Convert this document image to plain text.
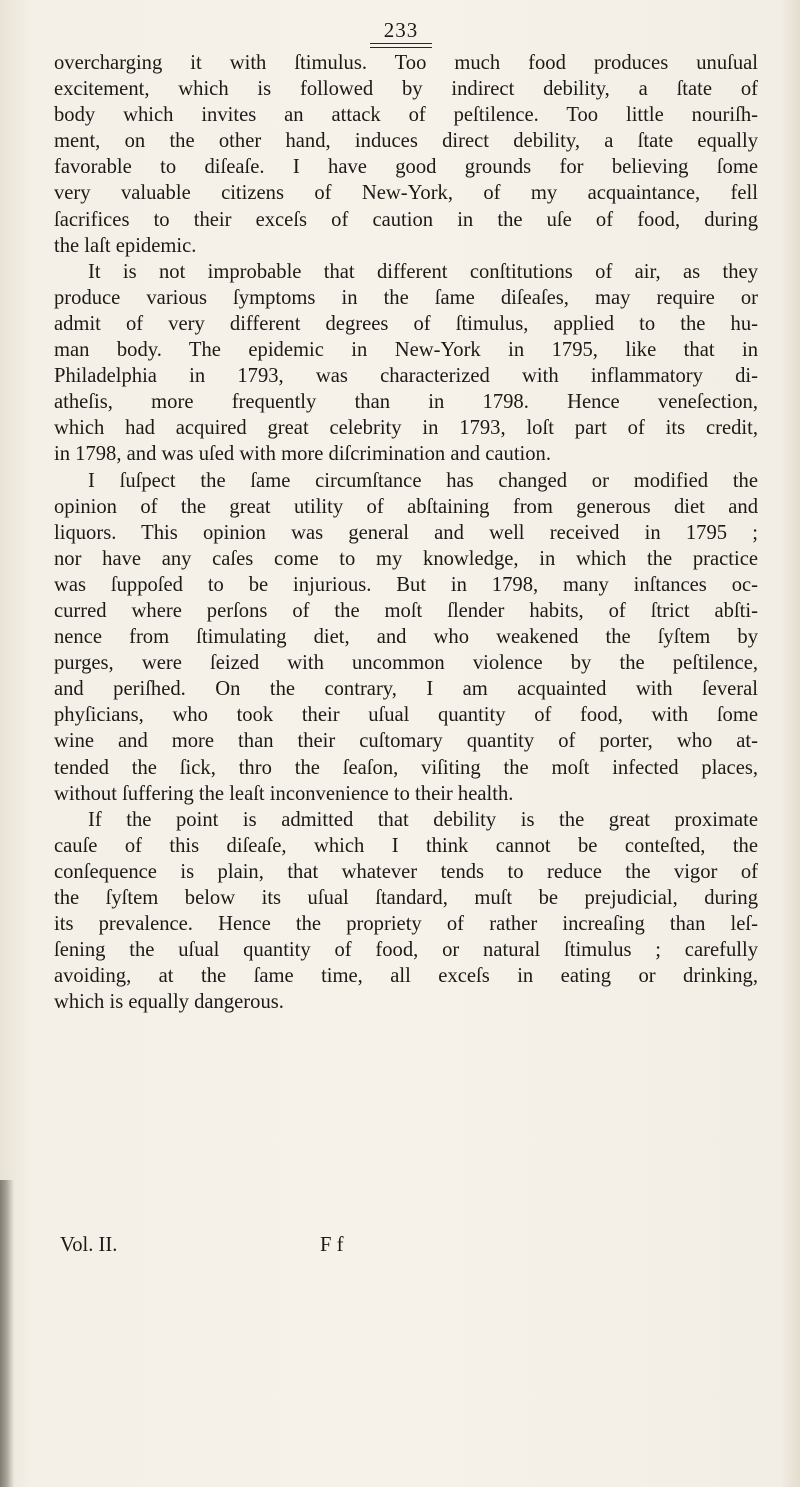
233
overcharging it with ſtimulus. Too much food produces unuſual
excitement, which is followed by indirect debility, a ſtate of
body which invites an attack of peſtilence. Too little nouriſh-
ment, on the other hand, induces direct debility, a ſtate equally
favorable to diſeaſe. I have good grounds for believing ſome
very valuable citizens of New-York, of my acquaintance, fell
ſacrifices to their exceſs of caution in the uſe of food, during
the laſt epidemic.
It is not improbable that different conſtitutions of air, as they
produce various ſymptoms in the ſame diſeaſes, may require or
admit of very different degrees of ſtimulus, applied to the hu-
man body. The epidemic in New-York in 1795, like that in
Philadelphia in 1793, was characterized with inflammatory di-
atheſis, more frequently than in 1798. Hence veneſection,
which had acquired great celebrity in 1793, loſt part of its credit,
in 1798, and was uſed with more diſcrimination and caution.
I ſuſpect the ſame circumſtance has changed or modified the
opinion of the great utility of abſtaining from generous diet and
liquors. This opinion was general and well received in 1795 ;
nor have any caſes come to my knowledge, in which the practice
was ſuppoſed to be injurious. But in 1798, many inſtances oc-
curred where perſons of the moſt ſlender habits, of ſtrict abſti-
nence from ſtimulating diet, and who weakened the ſyſtem by
purges, were ſeized with uncommon violence by the peſtilence,
and periſhed. On the contrary, I am acquainted with ſeveral
phyſicians, who took their uſual quantity of food, with ſome
wine and more than their cuſtomary quantity of porter, who at-
tended the ſick, thro the ſeaſon, viſiting the moſt infected places,
without ſuffering the leaſt inconvenience to their health.
If the point is admitted that debility is the great proximate
cauſe of this diſeaſe, which I think cannot be conteſted, the
conſequence is plain, that whatever tends to reduce the vigor of
the ſyſtem below its uſual ſtandard, muſt be prejudicial, during
its prevalence. Hence the propriety of rather increaſing than leſ-
ſening the uſual quantity of food, or natural ſtimulus ; carefully
avoiding, at the ſame time, all exceſs in eating or drinking,
which is equally dangerous.
Vol. II.	F f
